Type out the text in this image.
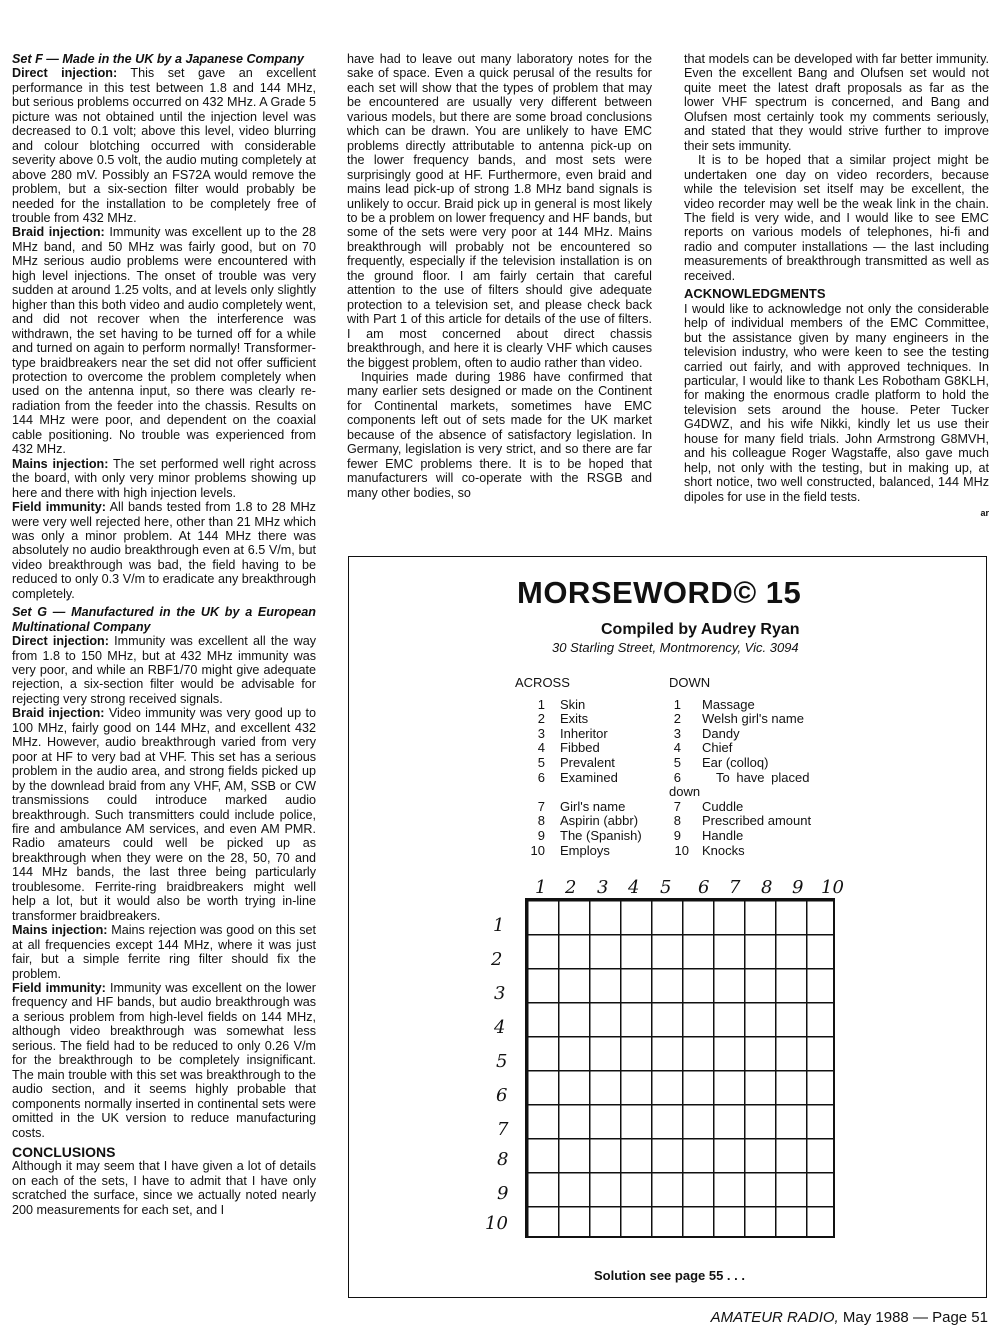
Set F — Made in the UK by a Japanese Company

Direct injection: This set gave an excellent performance in this test between 1.8 and 144 MHz, but serious problems occurred on 432 MHz. A Grade 5 picture was not obtained until the injection level was decreased to 0.1 volt; above this level, video blurring and colour blotching occurred with considerable severity above 0.5 volt, the audio muting completely at above 280 mV. Possibly an FS72A would remove the problem, but a six-section filter would probably be needed for the installation to be completely free of trouble from 432 MHz.

Braid injection: Immunity was excellent up to the 28 MHz band, and 50 MHz was fairly good, but on 70 MHz serious audio problems were encountered with high level injections. The onset of trouble was very sudden at around 1.25 volts, and at levels only slightly higher than this both video and audio completely went, and did not recover when the interference was withdrawn, the set having to be turned off for a while and turned on again to perform normally! Transformer-type braidbreakers near the set did not offer sufficient protection to overcome the problem completely when used on the antenna input, so there was clearly re-radiation from the feeder into the chassis. Results on 144 MHz were poor, and dependent on the coaxial cable positioning. No trouble was experienced from 432 MHz.

Mains injection: The set performed well right across the board, with only very minor problems showing up here and there with high injection levels.

Field immunity: All bands tested from 1.8 to 28 MHz were very well rejected here, other than 21 MHz which was only a minor problem. At 144 MHz there was absolutely no audio breakthrough even at 6.5 V/m, but video breakthrough was bad, the field having to be reduced to only 0.3 V/m to eradicate any breakthrough completely.

Set G — Manufactured in the UK by a European Multinational Company

Direct injection: Immunity was excellent all the way from 1.8 to 150 MHz, but at 432 MHz immunity was very poor, and while an RBF1/70 might give adequate rejection, a six-section filter would be advisable for rejecting very strong received signals.

Braid injection: Video immunity was very good up to 100 MHz, fairly good on 144 MHz, and excellent 432 MHz. However, audio breakthrough varied from very poor at HF to very bad at VHF. This set has a serious problem in the audio area, and strong fields picked up by the downlead braid from any VHF, AM, SSB or CW transmissions could introduce marked audio breakthrough. Such transmitters could include police, fire and ambulance AM services, and even AM PMR. Radio amateurs could well be picked up as breakthrough when they were on the 28, 50, 70 and 144 MHz bands, the last three being particularly troublesome. Ferrite-ring braidbreakers might well help a lot, but it would also be worth trying in-line transformer braidbreakers.

Mains injection: Mains rejection was good on this set at all frequencies except 144 MHz, where it was just fair, but a simple ferrite ring filter should fix the problem.

Field immunity: Immunity was excellent on the lower frequency and HF bands, but audio breakthrough was a serious problem from high-level fields on 144 MHz, although video breakthrough was somewhat less serious. The field had to be reduced to only 0.26 V/m for the breakthrough to be completely insignificant. The main trouble with this set was breakthrough to the audio section, and it seems highly probable that components normally inserted in continental sets were omitted in the UK version to reduce manufacturing costs.

CONCLUSIONS

Although it may seem that I have given a lot of details on each of the sets, I have to admit that I have only scratched the surface, since we actually noted nearly 200 measurements for each set, and I

have had to leave out many laboratory notes for the sake of space. Even a quick perusal of the results for each set will show that the types of problem that may be encountered are usually very different between various models, but there are some broad conclusions which can be drawn. You are unlikely to have EMC problems directly attributable to antenna pick-up on the lower frequency bands, and most sets were surprisingly good at HF. Furthermore, even braid and mains lead pick-up of strong 1.8 MHz band signals is unlikely to occur. Braid pick up in general is most likely to be a problem on lower frequency and HF bands, but some of the sets were very poor at 144 MHz. Mains breakthrough will probably not be encountered so frequently, especially if the television installation is on the ground floor. I am fairly certain that careful attention to the use of filters should give adequate protection to a television set, and please check back with Part 1 of this article for details of the use of filters. I am most concerned about direct chassis breakthrough, and here it is clearly VHF which causes the biggest problem, often to audio rather than video.

Inquiries made during 1986 have confirmed that many earlier sets designed or made on the Continent for Continental markets, sometimes have EMC components left out of sets made for the UK market because of the absence of satisfactory legislation. In Germany, legislation is very strict, and so there are far fewer EMC problems there. It is to be hoped that manufacturers will co-operate with the RSGB and many other bodies, so

that models can be developed with far better immunity. Even the excellent Bang and Olufsen set would not quite meet the latest draft proposals as far as the lower VHF spectrum is concerned, and Bang and Olufsen most certainly took my comments seriously, and stated that they would strive further to improve their sets immunity.

It is to be hoped that a similar project might be undertaken one day on video recorders, because while the television set itself may be excellent, the video recorder may well be the weak link in the chain. The field is very wide, and I would like to see EMC reports on various models of telephones, hi-fi and radio and computer installations — the last including measurements of breakthrough transmitted as well as received.

ACKNOWLEDGMENTS

I would like to acknowledge not only the considerable help of individual members of the EMC Committee, but the assistance given by many engineers in the television industry, who were keen to see the testing carried out fairly, and with approved techniques. In particular, I would like to thank Les Robotham G8KLH, for making the enormous cradle platform to hold the television sets around the house. Peter Tucker G4DWZ, and his wife Nikki, kindly let us use their house for many field trials. John Armstrong G8MVH, and his colleague Roger Wagstaffe, also gave much help, not only with the testing, but in making up, at short notice, two well constructed, balanced, 144 MHz dipoles for use in the field tests.

ar

MORSEWORD© 15
Compiled by Audrey Ryan
30 Starling Street, Montmorency, Vic. 3094
ACROSS
1	Skin
2	Exits
3	Inheritor
4	Fibbed
5	Prevalent
6	Examined
7	Girl's name
8	Aspirin (abbr)
9	The (Spanish)
10	Employs
DOWN
1	Massage
2	Welsh girl's name
3	Dandy
4	Chief
5	Ear (colloq)
6	To have placed
down
7	Cuddle
8	Prescribed amount
9	Handle
10	Knocks
1 2 3 4 5 6 7 8 9 10
1
2
3
4
5
6
7
8
9
10
Solution see page 55 . . .
AMATEUR RADIO, May 1988 — Page 51
